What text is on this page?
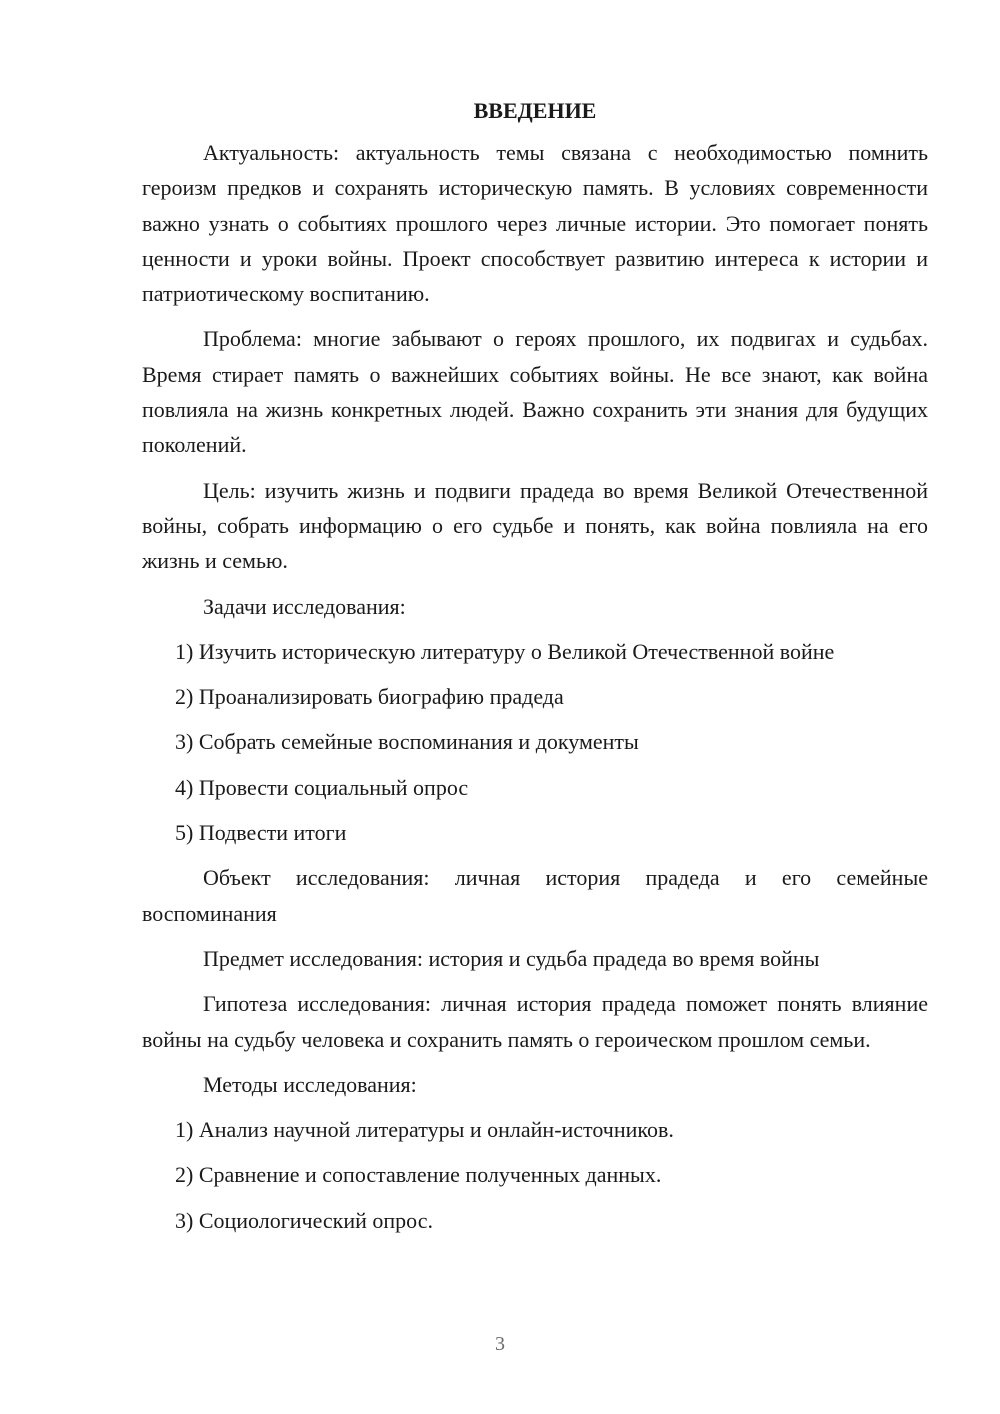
ВВЕДЕНИЕ

Актуальность: актуальность темы связана с необходимостью помнить героизм предков и сохранять историческую память. В условиях современности важно узнать о событиях прошлого через личные истории. Это помогает понять ценности и уроки войны. Проект способствует развитию интереса к истории и патриотическому воспитанию.

Проблема: многие забывают о героях прошлого, их подвигах и судьбах. Время стирает память о важнейших событиях войны. Не все знают, как война повлияла на жизнь конкретных людей. Важно сохранить эти знания для будущих поколений.

Цель: изучить жизнь и подвиги прадеда во время Великой Отечественной войны, собрать информацию о его судьбе и понять, как война повлияла на его жизнь и семью.

Задачи исследования:

1) Изучить историческую литературу о Великой Отечественной войне
2) Проанализировать биографию прадеда
3) Собрать семейные воспоминания и документы
4) Провести социальный опрос
5) Подвести итоги

Объект исследования: личная история прадеда и его семейные воспоминания

Предмет исследования: история и судьба прадеда во время войны

Гипотеза исследования: личная история прадеда поможет понять влияние войны на судьбу человека и сохранить память о героическом прошлом семьи.

Методы исследования:

1) Анализ научной литературы и онлайн-источников.
2) Сравнение и сопоставление полученных данных.
3) Социологический опрос.
3
